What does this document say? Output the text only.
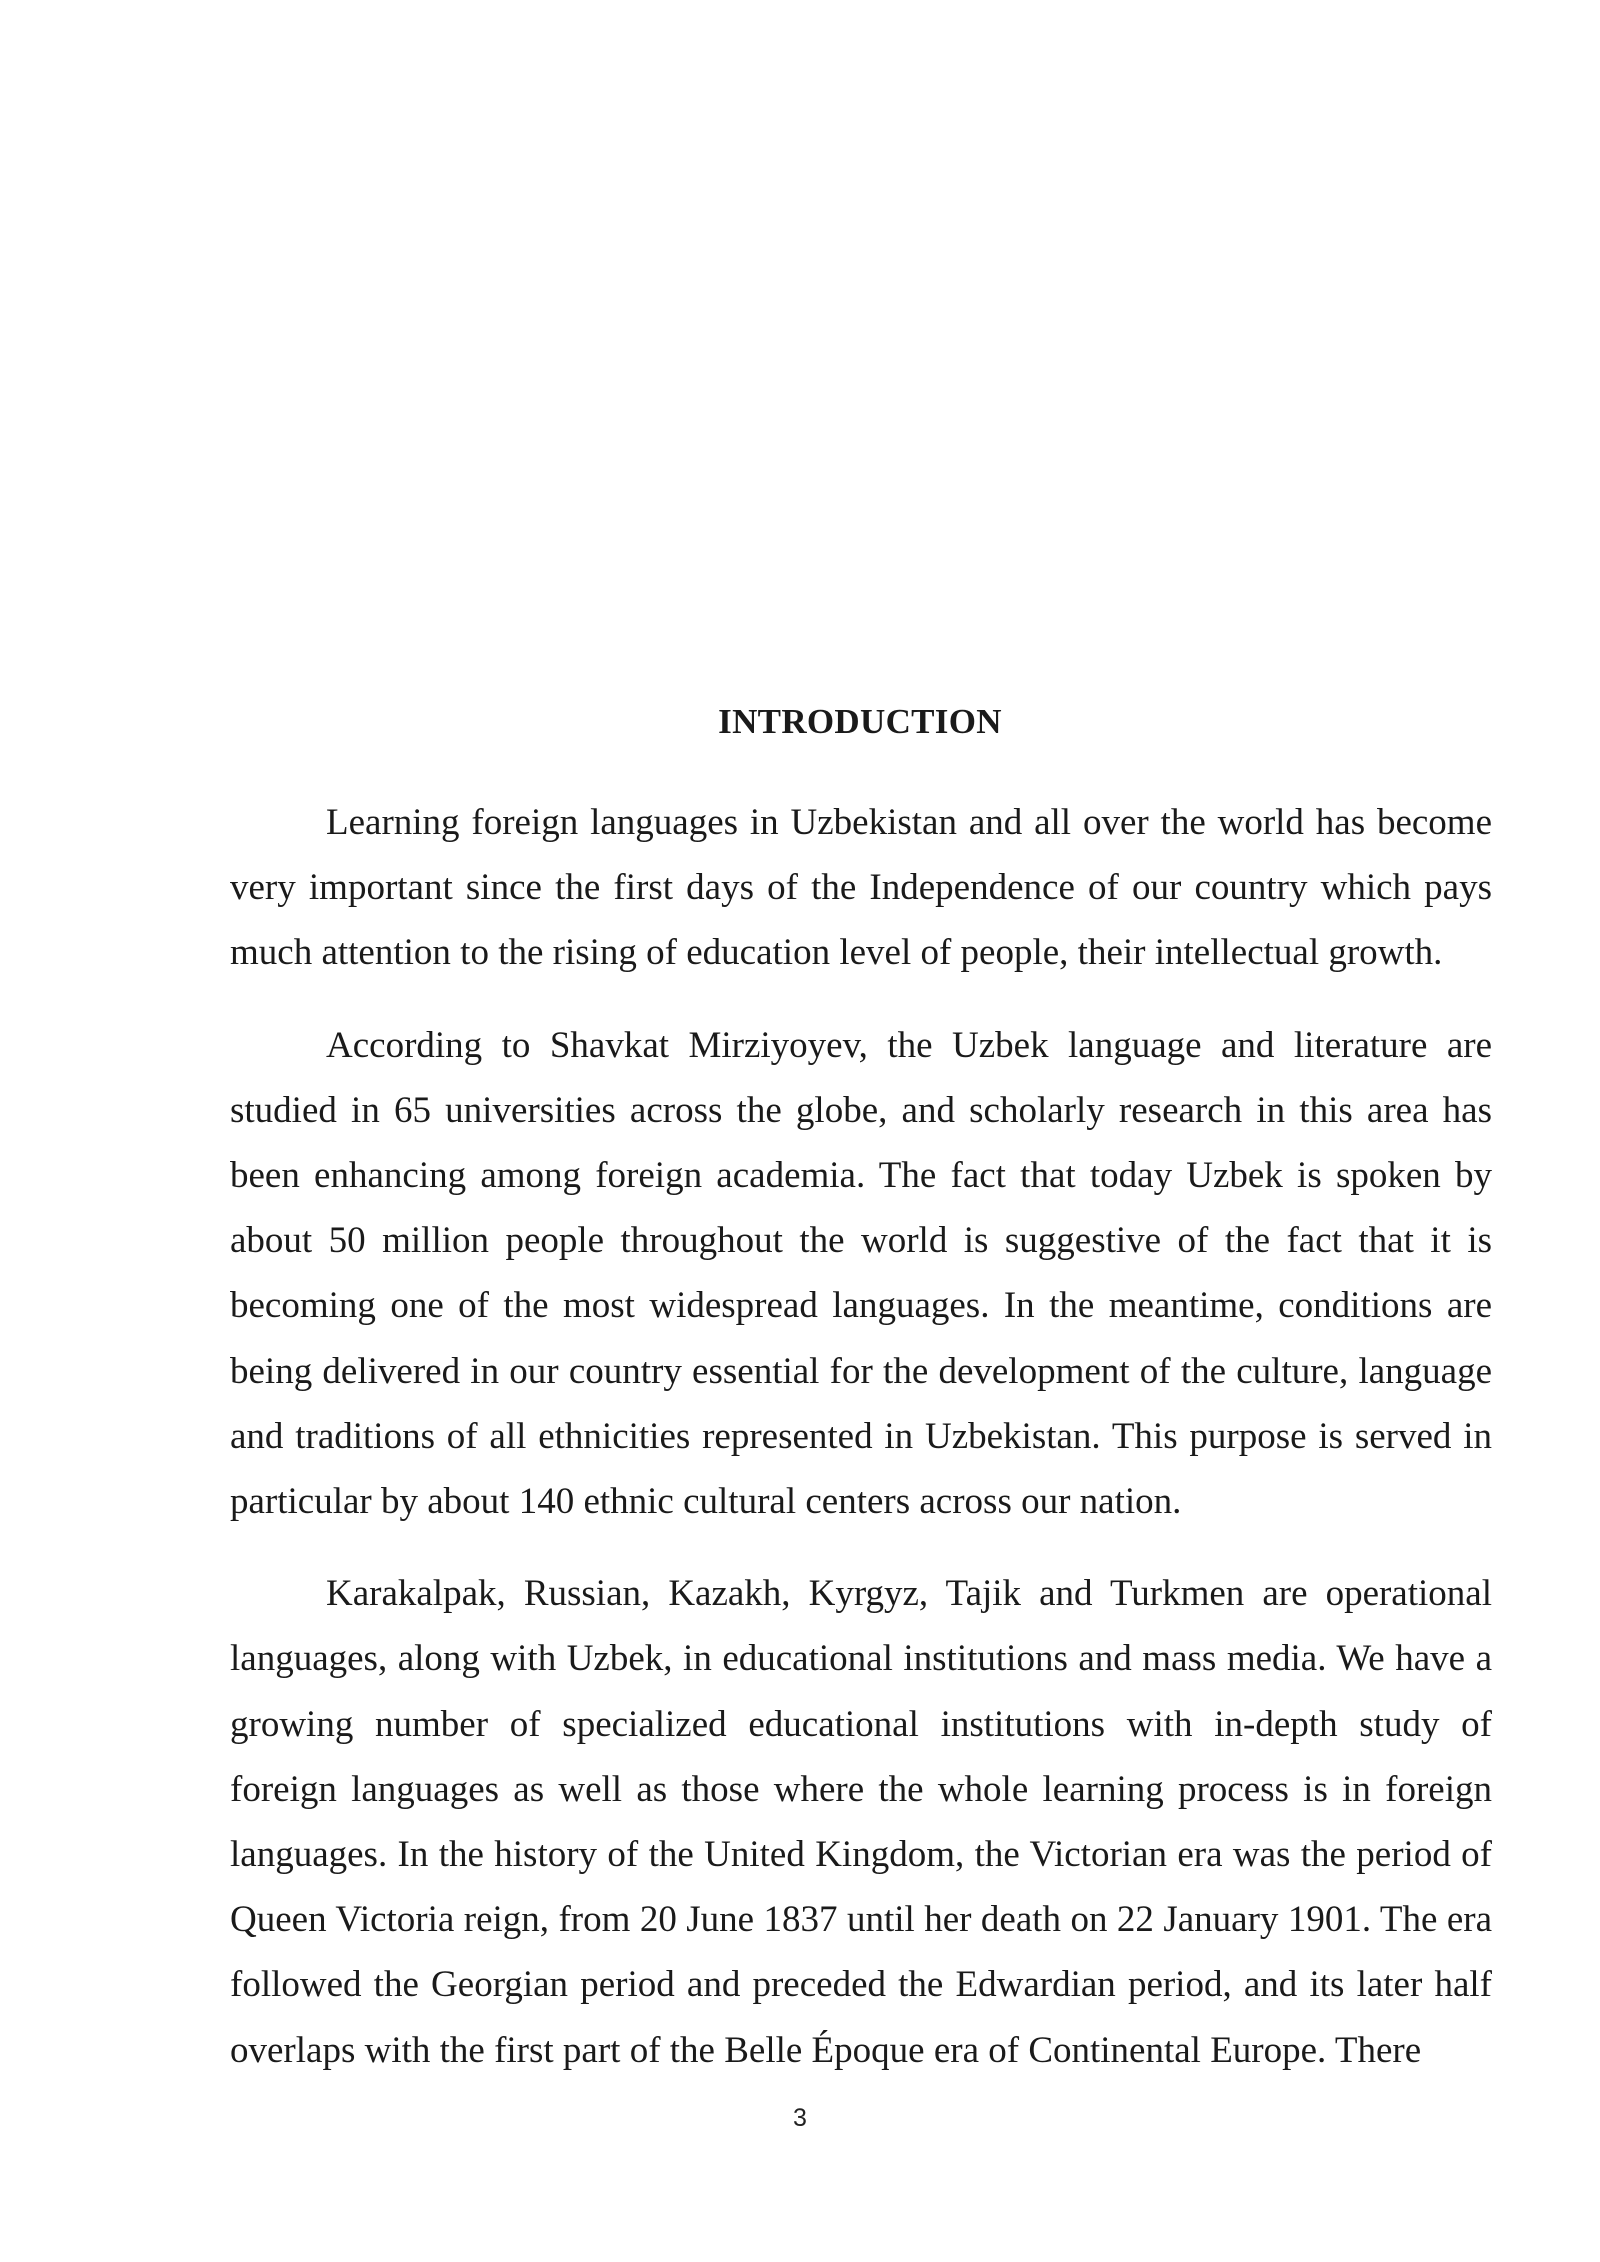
INTRODUCTION

Learning foreign languages in Uzbekistan and all over the world has become very important since the first days of the Independence of our country which pays much attention to the rising of education level of people, their intellectual growth.

According to Shavkat Mirziyoyev, the Uzbek language and literature are studied in 65 universities across the globe, and scholarly research in this area has been enhancing among foreign academia. The fact that today Uzbek is spoken by about 50 million people throughout the world is suggestive of the fact that it is becoming one of the most widespread languages. In the meantime, conditions are being delivered in our country essential for the development of the culture, language and traditions of all ethnicities represented in Uzbekistan. This purpose is served in particular by about 140 ethnic cultural centers across our nation.

Karakalpak, Russian, Kazakh, Kyrgyz, Tajik and Turkmen are operational languages, along with Uzbek, in educational institutions and mass media. We have a growing number of specialized educational institutions with in-depth study of foreign languages as well as those where the whole learning process is in foreign languages. In the history of the United Kingdom, the Victorian era was the period of Queen Victoria reign, from 20 June 1837 until her death on 22 January 1901. The era followed the Georgian period and preceded the Edwardian period, and its later half overlaps with the first part of the Belle Époque era of Continental Europe. There

3
